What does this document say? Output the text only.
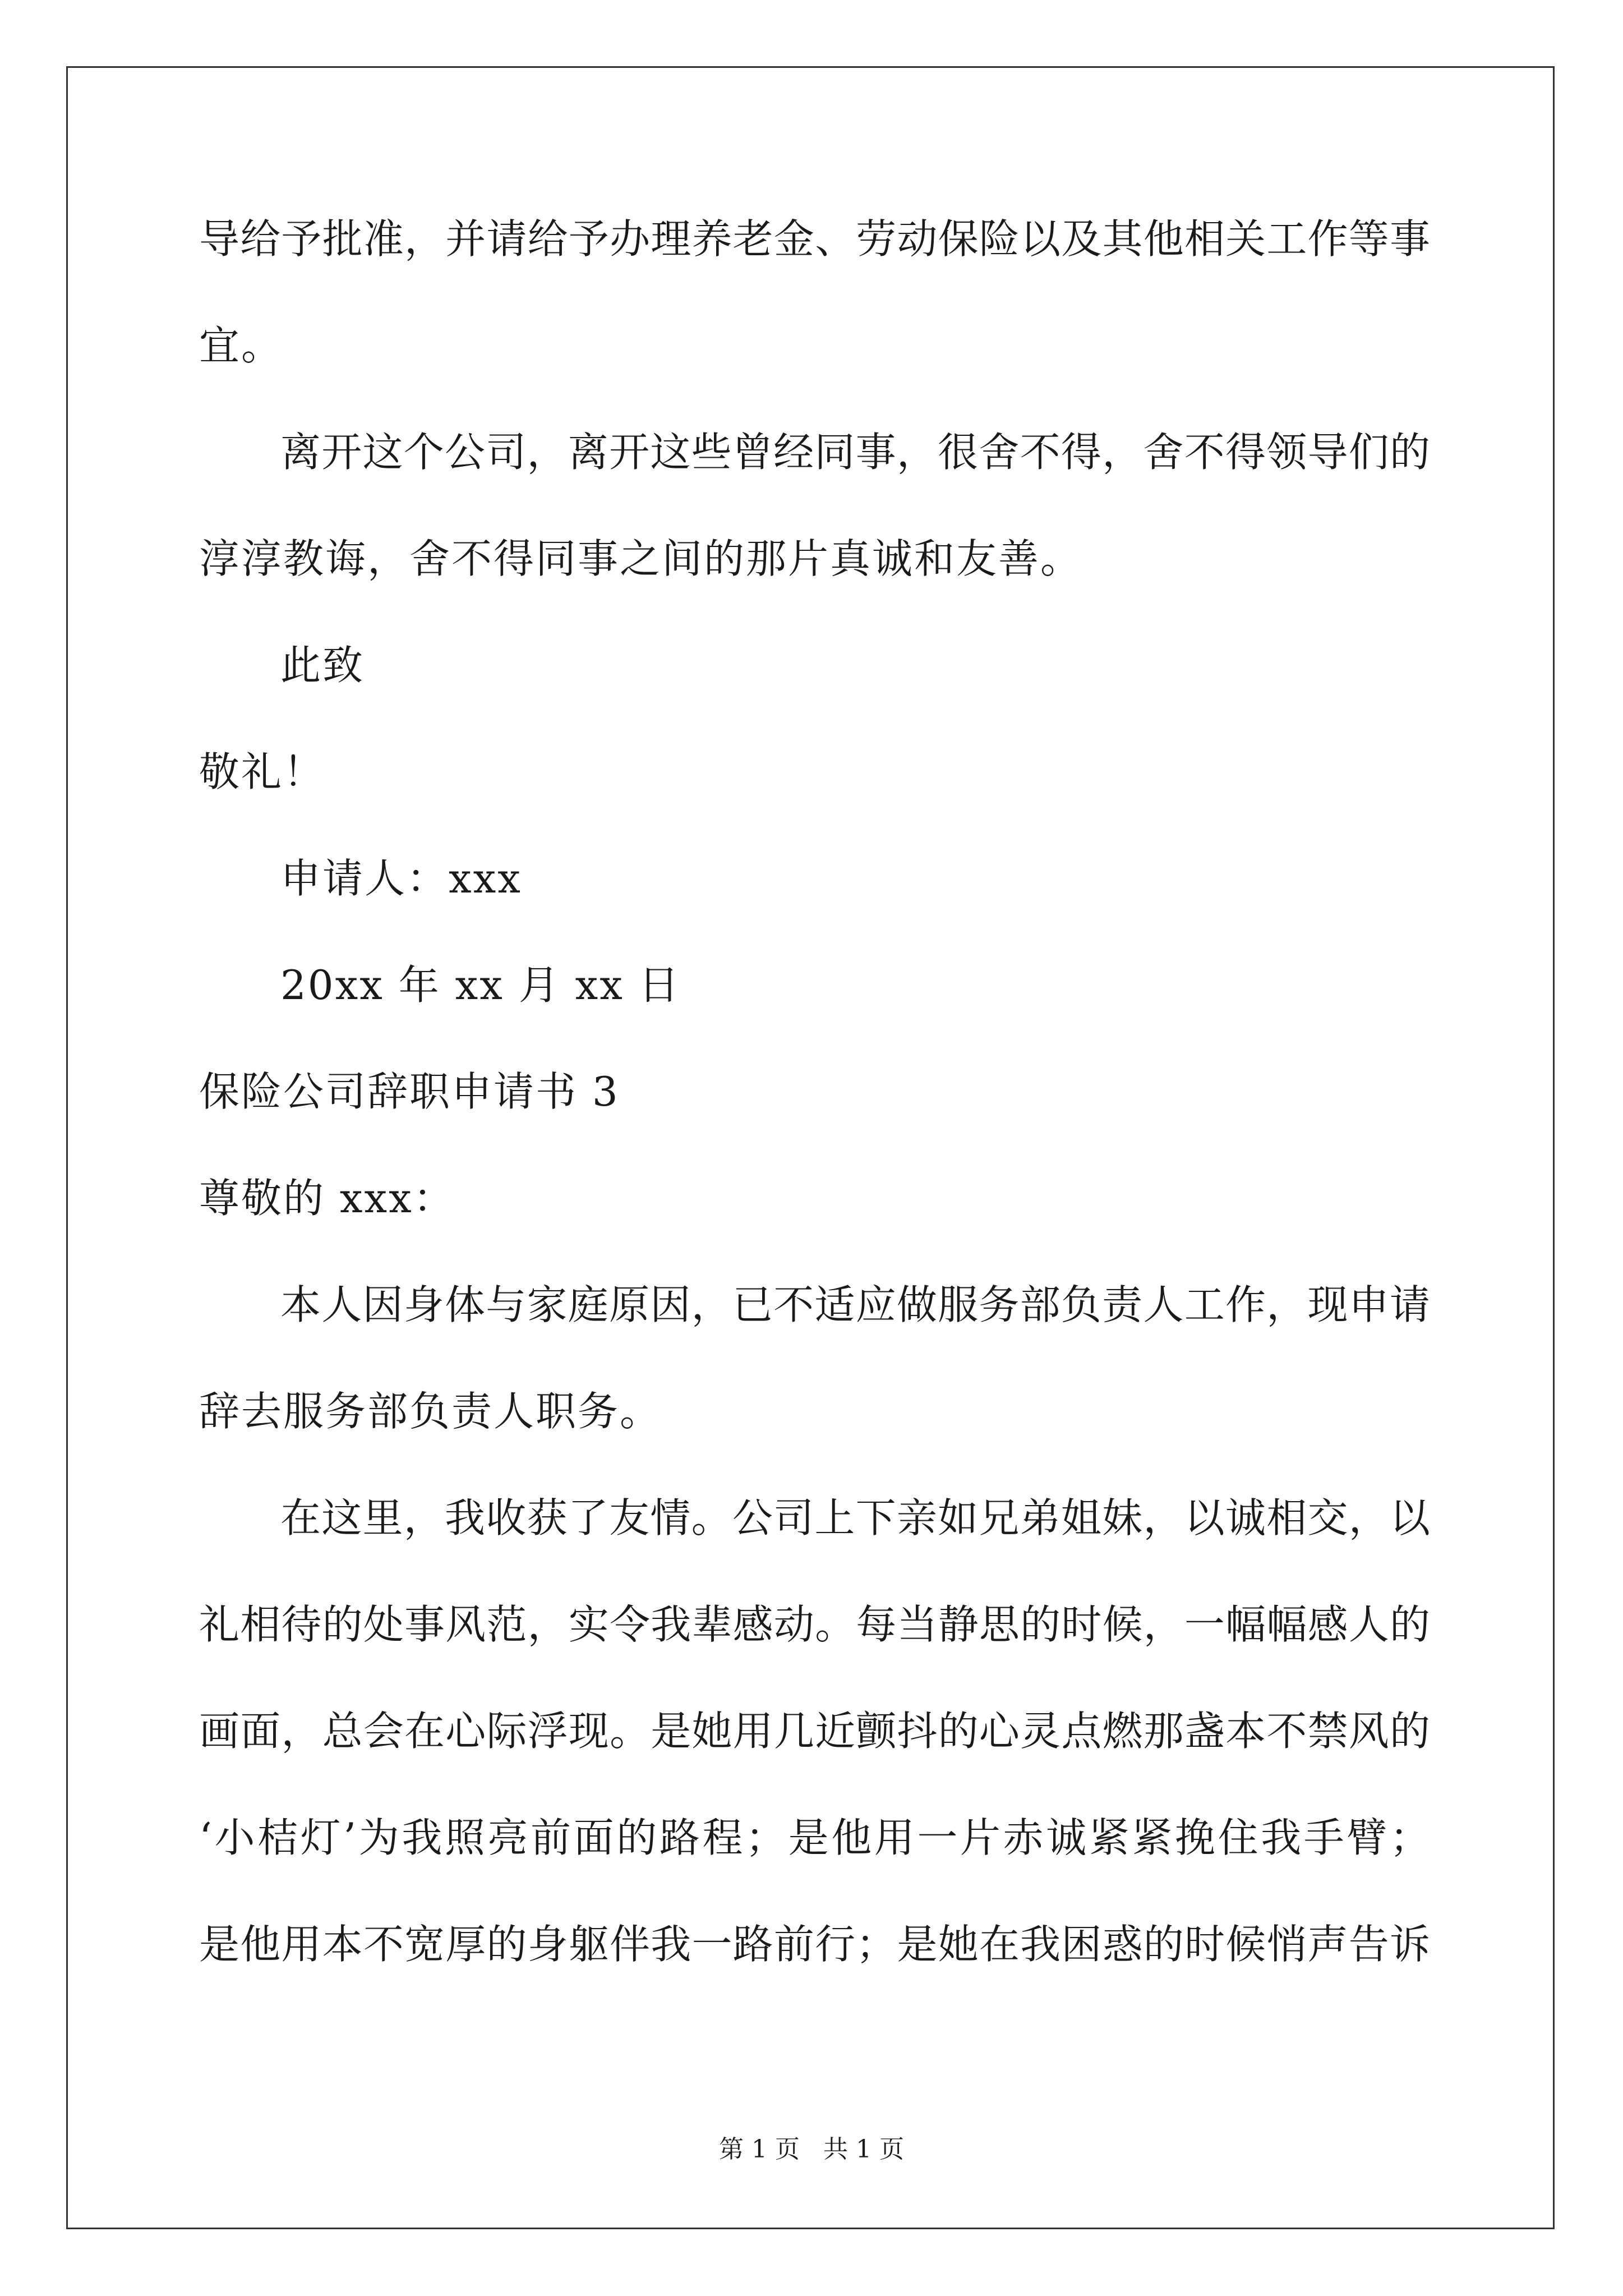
导给予批准，并请给予办理养老金、劳动保险以及其他相关工作等事
宜。
离开这个公司，离开这些曾经同事，很舍不得，舍不得领导们的
淳淳教诲，舍不得同事之间的那片真诚和友善。
此致
敬礼！
申请人：xxx
20xx 年 xx 月 xx 日
保险公司辞职申请书 3
尊敬的 xxx：
本人因身体与家庭原因，已不适应做服务部负责人工作，现申请
辞去服务部负责人职务。
在这里，我收获了友情。公司上下亲如兄弟姐妹，以诚相交，以
礼相待的处事风范，实令我辈感动。每当静思的时候，一幅幅感人的
画面，总会在心际浮现。是她用几近颤抖的心灵点燃那盏本不禁风的
‘小桔灯’为我照亮前面的路程；是他用一片赤诚紧紧挽住我手臂；
是他用本不宽厚的身躯伴我一路前行；是她在我困惑的时候悄声告诉
第 1 页   共 1 页
